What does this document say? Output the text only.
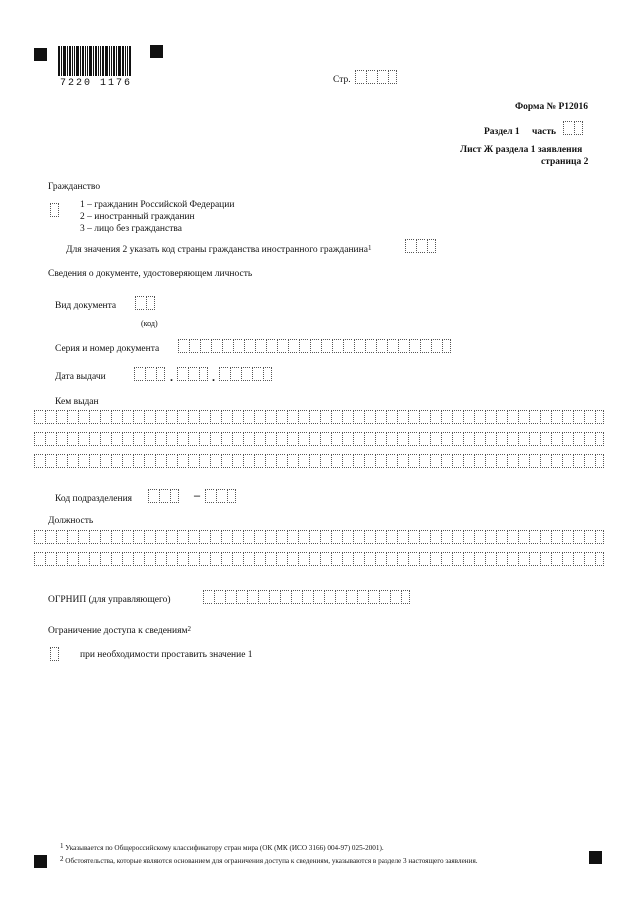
7220 1176	Стр.
Форма № Р12016
Раздел 1 часть
Лист Ж раздела 1 заявления
страница 2
Гражданство
1 – гражданин Российской Федерации
2 – иностранный гражданин
3 – лицо без гражданства
Для значения 2 указать код страны гражданства иностранного гражданина$^1$
Сведения о документе, удостоверяющем личность
Вид документа
(код)
Серия и номер документа
Дата выдачи	.	.
Кем выдан
Код подразделения	–
Должность
ОГРНИП (для управляющего)
Ограничение доступа к сведениям$^2$
при необходимости проставить значение 1
1 Указывается по Общероссийскому классификатору стран мира (ОК (МК (ИСО 3166) 004-97) 025-2001).
2 Обстоятельства, которые являются основанием для ограничения доступа к сведениям, указываются в разделе 3 настоящего заявления.
